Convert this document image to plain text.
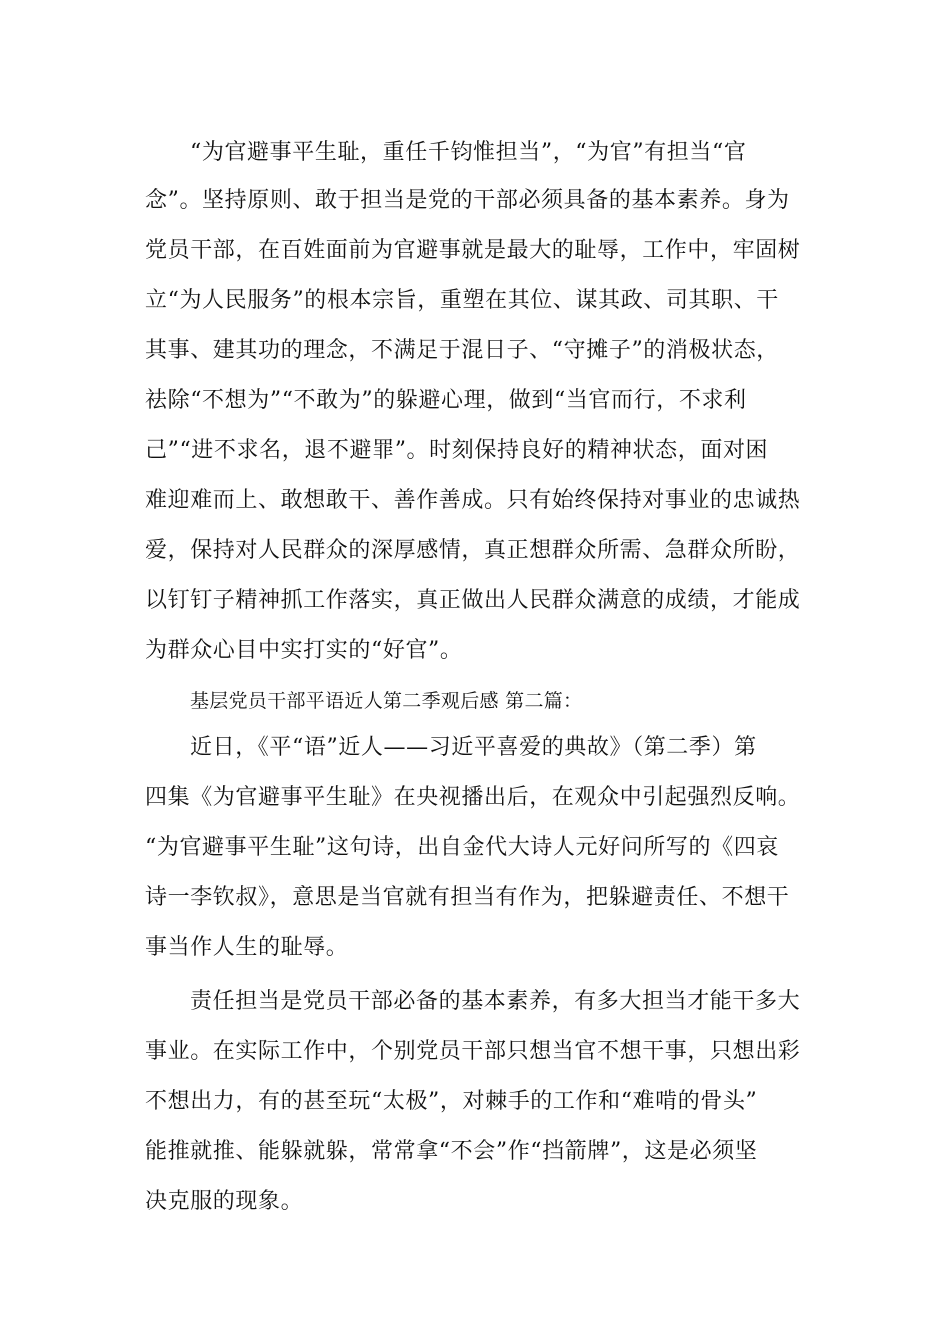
“为官避事平生耻，重任千钧惟担当”，“为官”有担当“官
念”。坚持原则、敢于担当是党的干部必须具备的基本素养。身为
党员干部，在百姓面前为官避事就是最大的耻辱，工作中，牢固树
立“为人民服务”的根本宗旨，重塑在其位、谋其政、司其职、干
其事、建其功的理念，不满足于混日子、“守摊子”的消极状态，
祛除“不想为”“不敢为”的躲避心理，做到“当官而行，不求利
己”“进不求名，退不避罪”。时刻保持良好的精神状态，面对困
难迎难而上、敢想敢干、善作善成。只有始终保持对事业的忠诚热
爱，保持对人民群众的深厚感情，真正想群众所需、急群众所盼，
以钉钉子精神抓工作落实，真正做出人民群众满意的成绩，才能成
为群众心目中实打实的“好官”。
基层党员干部平语近人第二季观后感 第二篇：
近日，《平“语”近人——习近平喜爱的典故》（第二季）第
四集《为官避事平生耻》在央视播出后，在观众中引起强烈反响。
“为官避事平生耻”这句诗，出自金代大诗人元好问所写的《四哀
诗一李钦叔》，意思是当官就有担当有作为，把躲避责任、不想干
事当作人生的耻辱。
责任担当是党员干部必备的基本素养，有多大担当才能干多大
事业。在实际工作中，个别党员干部只想当官不想干事，只想出彩
不想出力，有的甚至玩“太极”，对棘手的工作和“难啃的骨头”
能推就推、能躲就躲，常常拿“不会”作“挡箭牌”，这是必须坚
决克服的现象。
